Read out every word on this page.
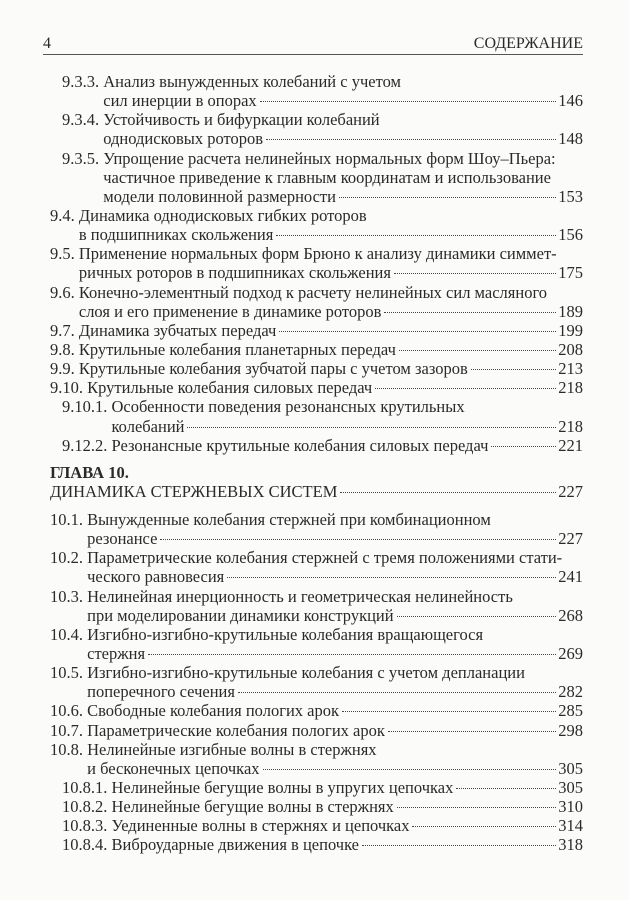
4	СОДЕРЖАНИЕ
9.3.3. Анализ вынужденных колебаний с учетом
сил инерции в опорах	146
9.3.4. Устойчивость и бифуркации колебаний
однодисковых роторов	148
9.3.5. Упрощение расчета нелинейных нормальных форм Шоу–Пьера:
частичное приведение к главным координатам и использование
модели половинной размерности	153
9.4. Динамика однодисковых гибких роторов
в подшипниках скольжения	156
9.5. Применение нормальных форм Брюно к анализу динамики симмет-
ричных роторов в подшипниках скольжения	175
9.6. Конечно-элементный подход к расчету нелинейных сил масляного
слоя и его применение в динамике роторов	189
9.7. Динамика зубчатых передач	199
9.8. Крутильные колебания планетарных передач	208
9.9. Крутильные колебания зубчатой пары с учетом зазоров	213
9.10. Крутильные колебания силовых передач	218
9.10.1. Особенности поведения резонансных крутильных
колебаний	218
9.12.2. Резонансные крутильные колебания силовых передач	221
ГЛАВА 10.
ДИНАМИКА СТЕРЖНЕВЫХ СИСТЕМ	227
10.1. Вынужденные колебания стержней при комбинационном
резонансе	227
10.2. Параметрические колебания стержней с тремя положениями стати-
ческого равновесия	241
10.3. Нелинейная инерционность и геометрическая нелинейность
при моделировании динамики конструкций	268
10.4. Изгибно-изгибно-крутильные колебания вращающегося
стержня	269
10.5. Изгибно-изгибно-крутильные колебания с учетом депланации
поперечного сечения	282
10.6. Свободные колебания пологих арок	285
10.7. Параметрические колебания пологих арок	298
10.8. Нелинейные изгибные волны в стержнях
и бесконечных цепочках	305
10.8.1. Нелинейные бегущие волны в упругих цепочках	305
10.8.2. Нелинейные бегущие волны в стержнях	310
10.8.3. Уединенные волны в стержнях и цепочках	314
10.8.4. Виброударные движения в цепочке	318
